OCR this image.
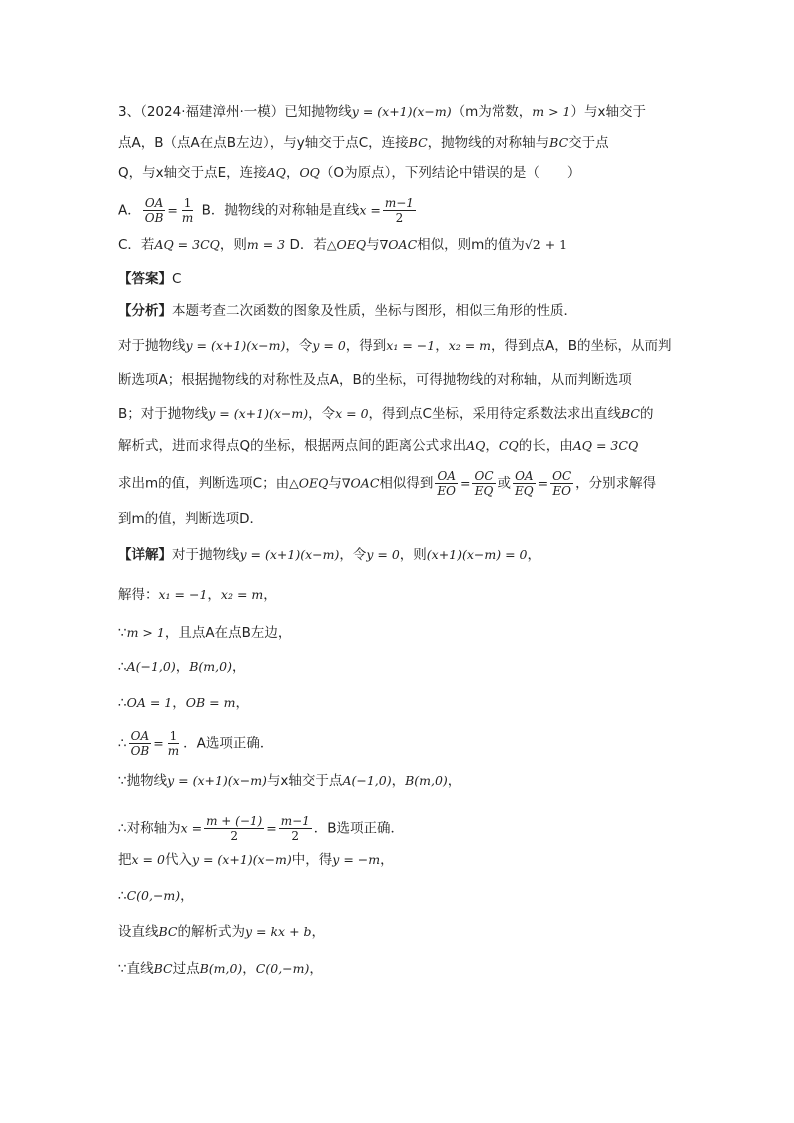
3、（2024·福建漳州·一模）已知抛物线y = (x+1)(x−m)（m为常数，m > 1）与x轴交于
点A，B（点A在点B左边），与y轴交于点C，连接BC，抛物线的对称轴与BC交于点
Q，与x轴交于点E，连接AQ，OQ（O为原点），下列结论中错误的是（　　）
A． $\frac{OA}{OB} = \frac{1}{m}$ B．抛物线的对称轴是直线$x = \frac{m-1}{2}$
C．若AQ = 3CQ，则m = 3 D．若△OEQ与∇OAC相似，则m的值为√2 + 1
【答案】C
【分析】本题考查二次函数的图象及性质，坐标与图形，相似三角形的性质．
对于抛物线y = (x+1)(x−m)，令y = 0，得到x₁ = −1，x₂ = m，得到点A，B的坐标，从而判
断选项A；根据抛物线的对称性及点A，B的坐标，可得抛物线的对称轴，从而判断选项
B；对于抛物线y = (x+1)(x−m)，令x = 0，得到点C坐标，采用待定系数法求出直线BC的
解析式，进而求得点Q的坐标，根据两点间的距离公式求出AQ，CQ的长，由AQ = 3CQ
求出m的值，判断选项C；由△OEQ与∇OAC相似得到 $\frac{OA}{EO} = \frac{OC}{EQ}$ 或 $\frac{OA}{EQ} = \frac{OC}{EO}$ ，分别求解得
到m的值，判断选项D．
【详解】对于抛物线y = (x+1)(x−m)，令y = 0，则(x+1)(x−m) = 0，
解得：x₁ = −1，x₂ = m，
∵m > 1，且点A在点B左边，
∴A(−1,0)，B(m,0)，
∴OA = 1，OB = m，
∴ $\frac{OA}{OB} = \frac{1}{m}$ ．A选项正确．
∵抛物线y = (x+1)(x−m)与x轴交于点A(−1,0)，B(m,0)，
∴对称轴为$x = \frac{m + (-1)}{2} = \frac{m-1}{2}$ ．B选项正确．
把x = 0代入y = (x+1)(x−m)中，得y = −m，
∴C(0,−m)，
设直线BC的解析式为y = kx + b，
∵直线BC过点B(m,0)，C(0,−m)，
